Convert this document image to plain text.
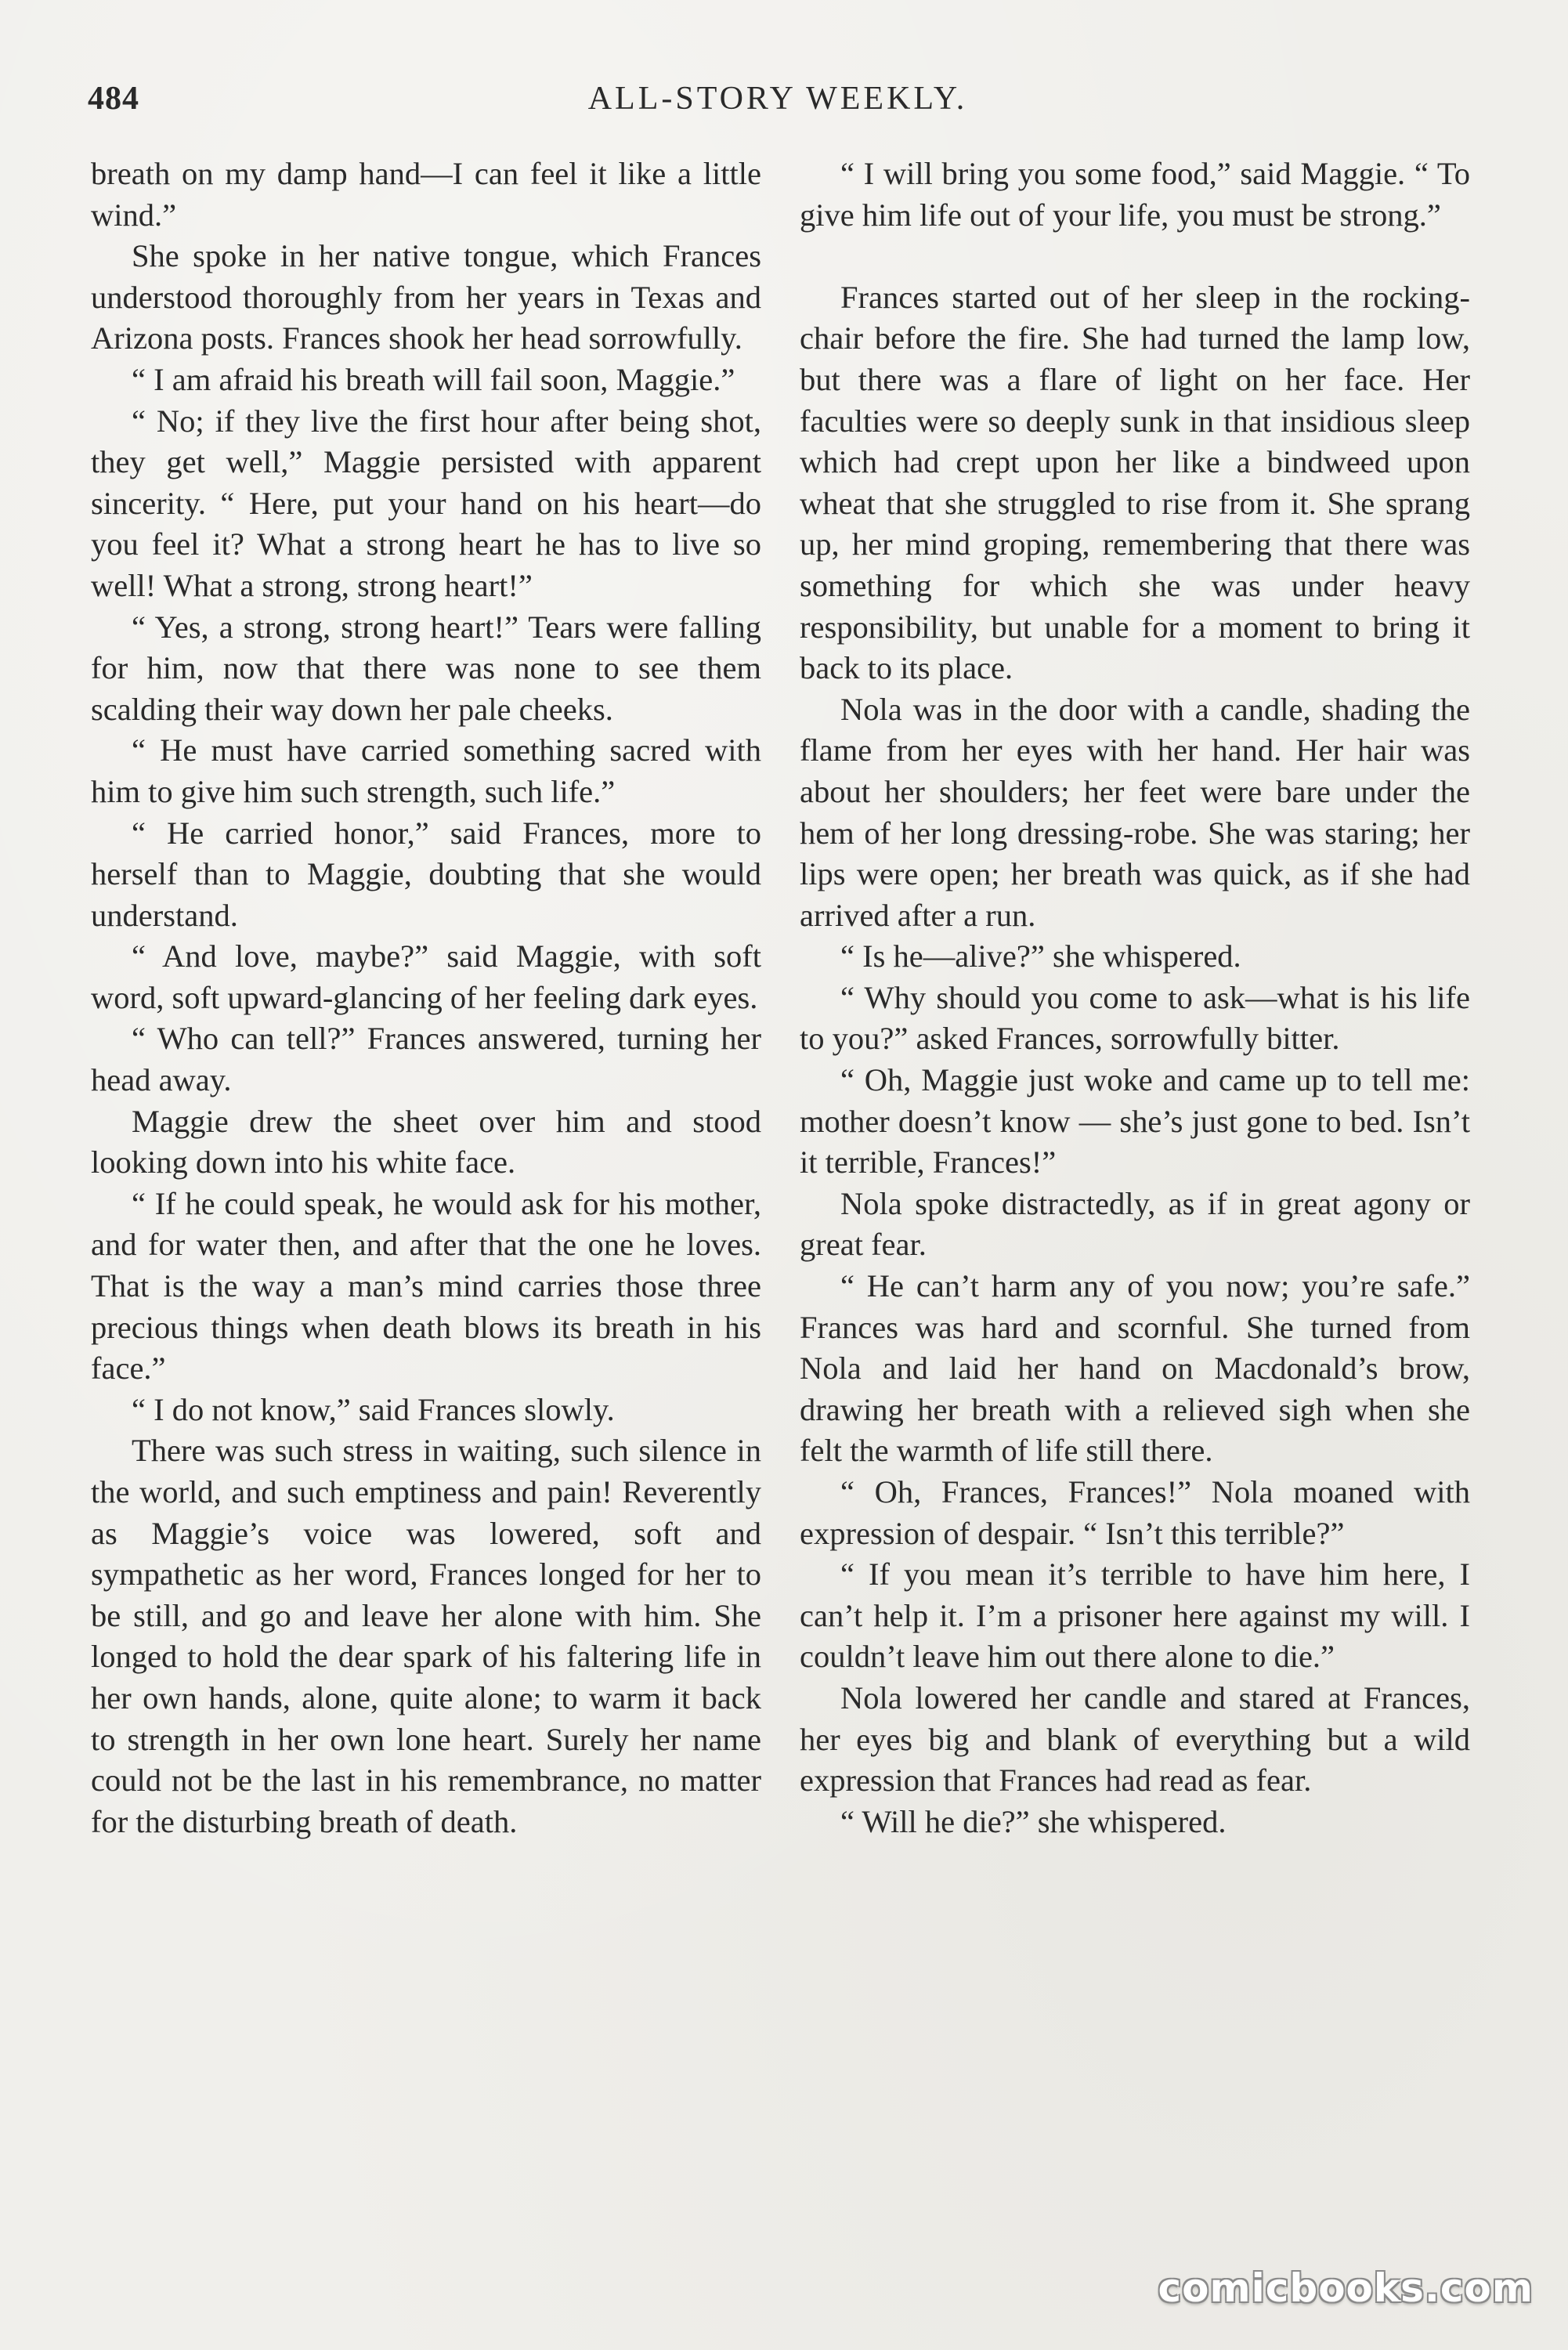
484	ALL-STORY WEEKLY.

breath on my damp hand—I can feel it like a little wind.”

She spoke in her native tongue, which Frances understood thoroughly from her years in Texas and Arizona posts. Frances shook her head sorrowfully.

“ I am afraid his breath will fail soon, Maggie.”

“ No; if they live the first hour after being shot, they get well,” Maggie persisted with apparent sincerity. “ Here, put your hand on his heart—do you feel it? What a strong heart he has to live so well! What a strong, strong heart!”

“ Yes, a strong, strong heart!” Tears were falling for him, now that there was none to see them scalding their way down her pale cheeks.

“ He must have carried something sacred with him to give him such strength, such life.”

“ He carried honor,” said Frances, more to herself than to Maggie, doubting that she would understand.

“ And love, maybe?” said Maggie, with soft word, soft upward-glancing of her feeling dark eyes.

“ Who can tell?” Frances answered, turning her head away.

Maggie drew the sheet over him and stood looking down into his white face.

“ If he could speak, he would ask for his mother, and for water then, and after that the one he loves. That is the way a man’s mind carries those three precious things when death blows its breath in his face.”

“ I do not know,” said Frances slowly.

There was such stress in waiting, such silence in the world, and such emptiness and pain! Reverently as Maggie’s voice was lowered, soft and sympathetic as her word, Frances longed for her to be still, and go and leave her alone with him. She longed to hold the dear spark of his faltering life in her own hands, alone, quite alone; to warm it back to strength in her own lone heart. Surely her name could not be the last in his remembrance, no matter for the disturbing breath of death.

“ I will bring you some food,” said Maggie. “ To give him life out of your life, you must be strong.”

Frances started out of her sleep in the rocking-chair before the fire. She had turned the lamp low, but there was a flare of light on her face. Her faculties were so deeply sunk in that insidious sleep which had crept upon her like a bindweed upon wheat that she struggled to rise from it. She sprang up, her mind groping, remembering that there was something for which she was under heavy responsibility, but unable for a moment to bring it back to its place.

Nola was in the door with a candle, shading the flame from her eyes with her hand. Her hair was about her shoulders; her feet were bare under the hem of her long dressing-robe. She was staring; her lips were open; her breath was quick, as if she had arrived after a run.

“ Is he—alive?” she whispered.

“ Why should you come to ask—what is his life to you?” asked Frances, sorrowfully bitter.

“ Oh, Maggie just woke and came up to tell me: mother doesn’t know — she’s just gone to bed. Isn’t it terrible, Frances!”

Nola spoke distractedly, as if in great agony or great fear.

“ He can’t harm any of you now; you’re safe.” Frances was hard and scornful. She turned from Nola and laid her hand on Macdonald’s brow, drawing her breath with a relieved sigh when she felt the warmth of life still there.

“ Oh, Frances, Frances!” Nola moaned with expression of despair. “ Isn’t this terrible?”

“ If you mean it’s terrible to have him here, I can’t help it. I’m a prisoner here against my will. I couldn’t leave him out there alone to die.”

Nola lowered her candle and stared at Frances, her eyes big and blank of everything but a wild expression that Frances had read as fear.

“ Will he die?” she whispered.

comicbooks.com
